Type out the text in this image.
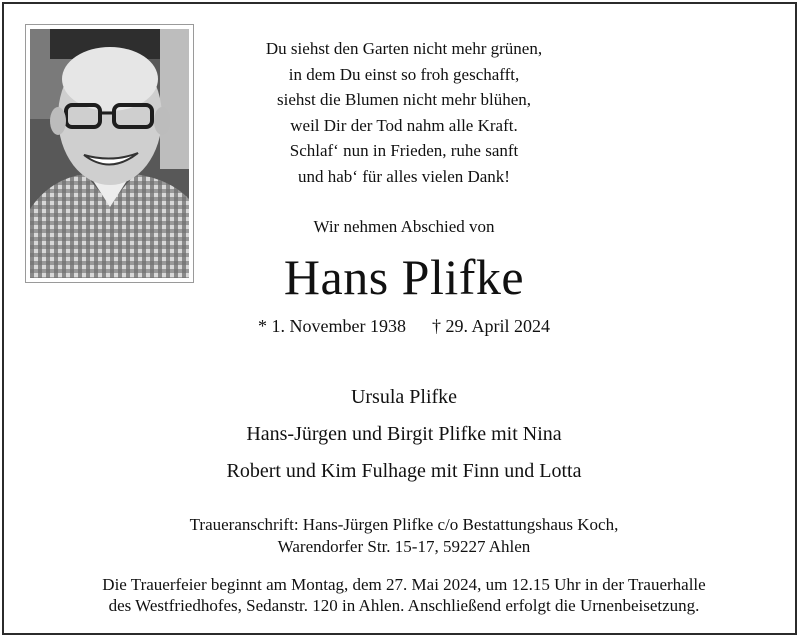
Du siehst den Garten nicht mehr grünen,
in dem Du einst so froh geschafft,
siehst die Blumen nicht mehr blühen,
weil Dir der Tod nahm alle Kraft.
Schlaf‘ nun in Frieden, ruhe sanft
und hab‘ für alles vielen Dank!
Wir nehmen Abschied von
Hans Plifke
* 1. November 1938 † 29. April 2024
Ursula Plifke
Hans-Jürgen und Birgit Plifke mit Nina
Robert und Kim Fulhage mit Finn und Lotta
Traueranschrift: Hans-Jürgen Plifke c/o Bestattungshaus Koch,
Warendorfer Str. 15-17, 59227 Ahlen
Die Trauerfeier beginnt am Montag, dem 27. Mai 2024, um 12.15 Uhr in der Trauerhalle
des Westfriedhofes, Sedanstr. 120 in Ahlen. Anschließend erfolgt die Urnenbeisetzung.
